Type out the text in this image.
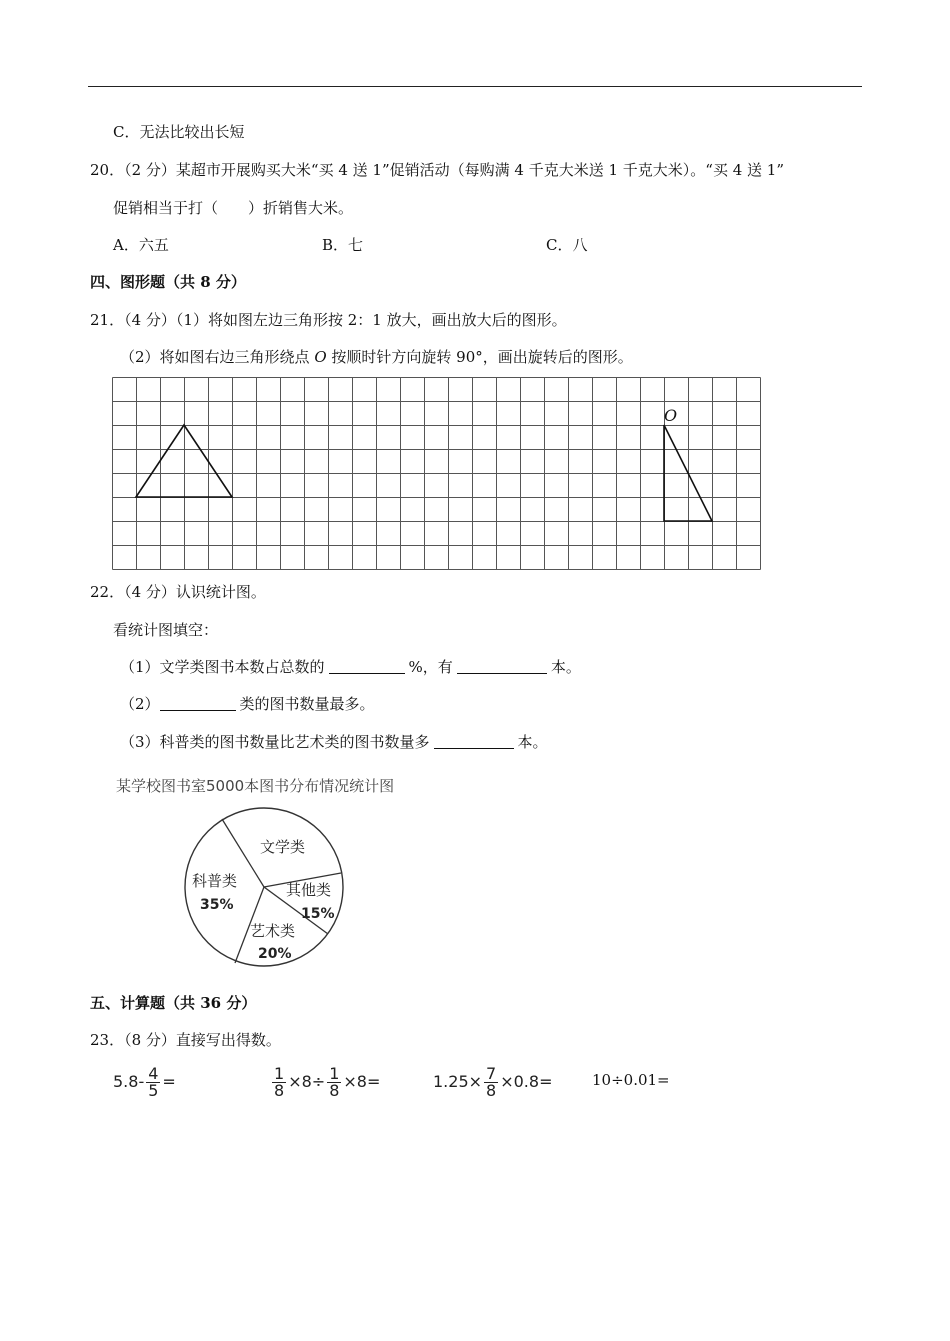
C．无法比较出长短
20．（2 分）某超市开展购买大米“买 4 送 1”促销活动（每购满 4 千克大米送 1 千克大米）。“买 4 送 1”
促销相当于打（　　）折销售大米。
A．六五	B．七	C．八
四、图形题（共 8 分）
21．（4 分）（1）将如图左边三角形按 2：1 放大，画出放大后的图形。
（2）将如图右边三角形绕点 O 按顺时针方向旋转 90°，画出旋转后的图形。
O
22．（4 分）认识统计图。
看统计图填空：
（1）文学类图书本数占总数的	%，有	本。
（2）	类的图书数量最多。
（3）科普类的图书数量比艺术类的图书数量多	本。
某学校图书室5000本图书分布情况统计图
文学类
其他类
15%
艺术类
20%
科普类
35%
五、计算题（共 36 分）
23．（8 分）直接写出得数。
$5.8- \frac{4}{5}$ =	$\frac{1}{8} \times 8\div \frac{1}{8} \times 8=$	$1.25\times \frac{7}{8} \times 0.8=$	10÷0.01=
